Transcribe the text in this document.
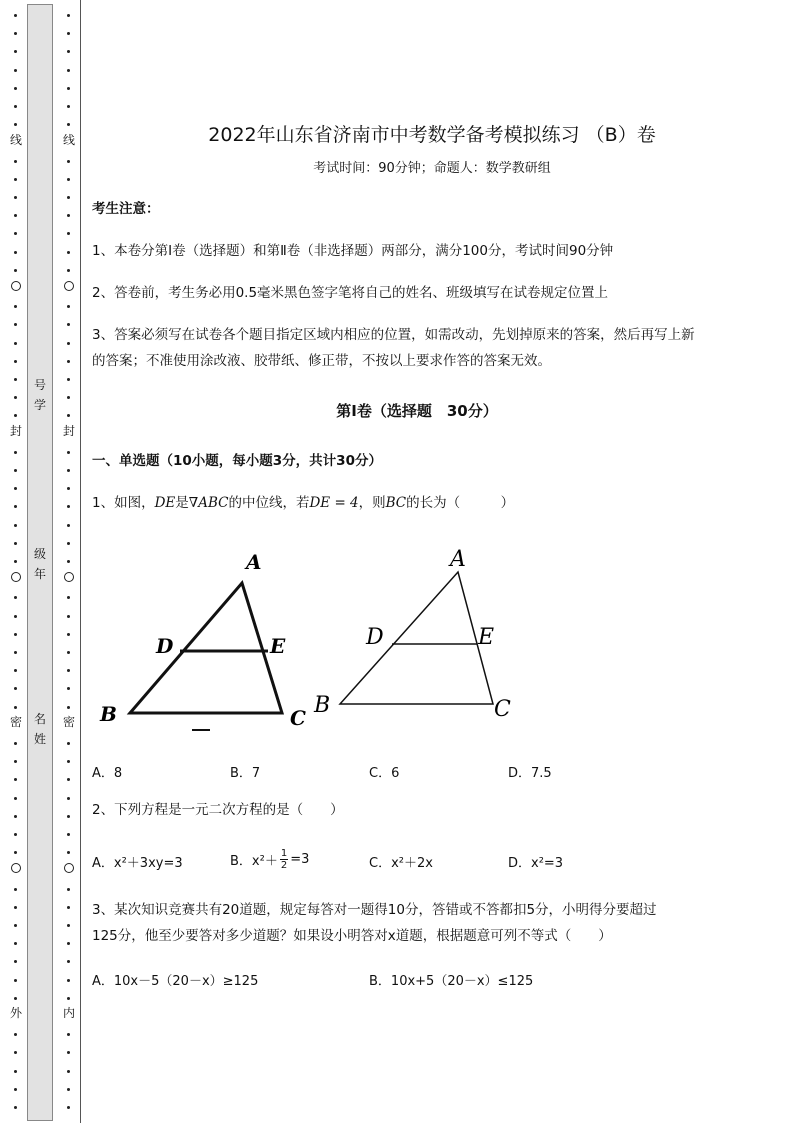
号
学
级
年
名
姓
线
封
密
外
线
封
密
内
2022年山东省济南市中考数学备考模拟练习 （B）卷
考试时间：90分钟；命题人：数学教研组
考生注意：
1、本卷分第I卷（选择题）和第Ⅱ卷（非选择题）两部分，满分100分，考试时间90分钟
2、答卷前，考生务必用0.5毫米黑色签字笔将自己的姓名、班级填写在试卷规定位置上
3、答案必须写在试卷各个题目指定区域内相应的位置，如需改动，先划掉原来的答案，然后再写上新
的答案；不准使用涂改液、胶带纸、修正带，不按以上要求作答的答案无效。
第I卷（选择题　30分）
一、单选题（10小题，每小题3分，共计30分）
1、如图，DE是∇ABC的中位线，若DE = 4，则BC的长为（　　　）
A
D	E
B	C
A
D	E
B	C
A．8	B．7	C．6	D．7.5
2、下列方程是一元二次方程的是（　　）
A．x²＋3xy=3	B．$x^2+ \frac{1}{2} =3$	C．x²＋2x	D．x²=3
3、某次知识竞赛共有20道题，规定每答对一题得10分，答错或不答都扣5分，小明得分要超过
125分，他至少要答对多少道题？如果设小明答对x道题，根据题意可列不等式（　　）
A．10x－5（20－x）≥125	B．10x+5（20－x）≤125
